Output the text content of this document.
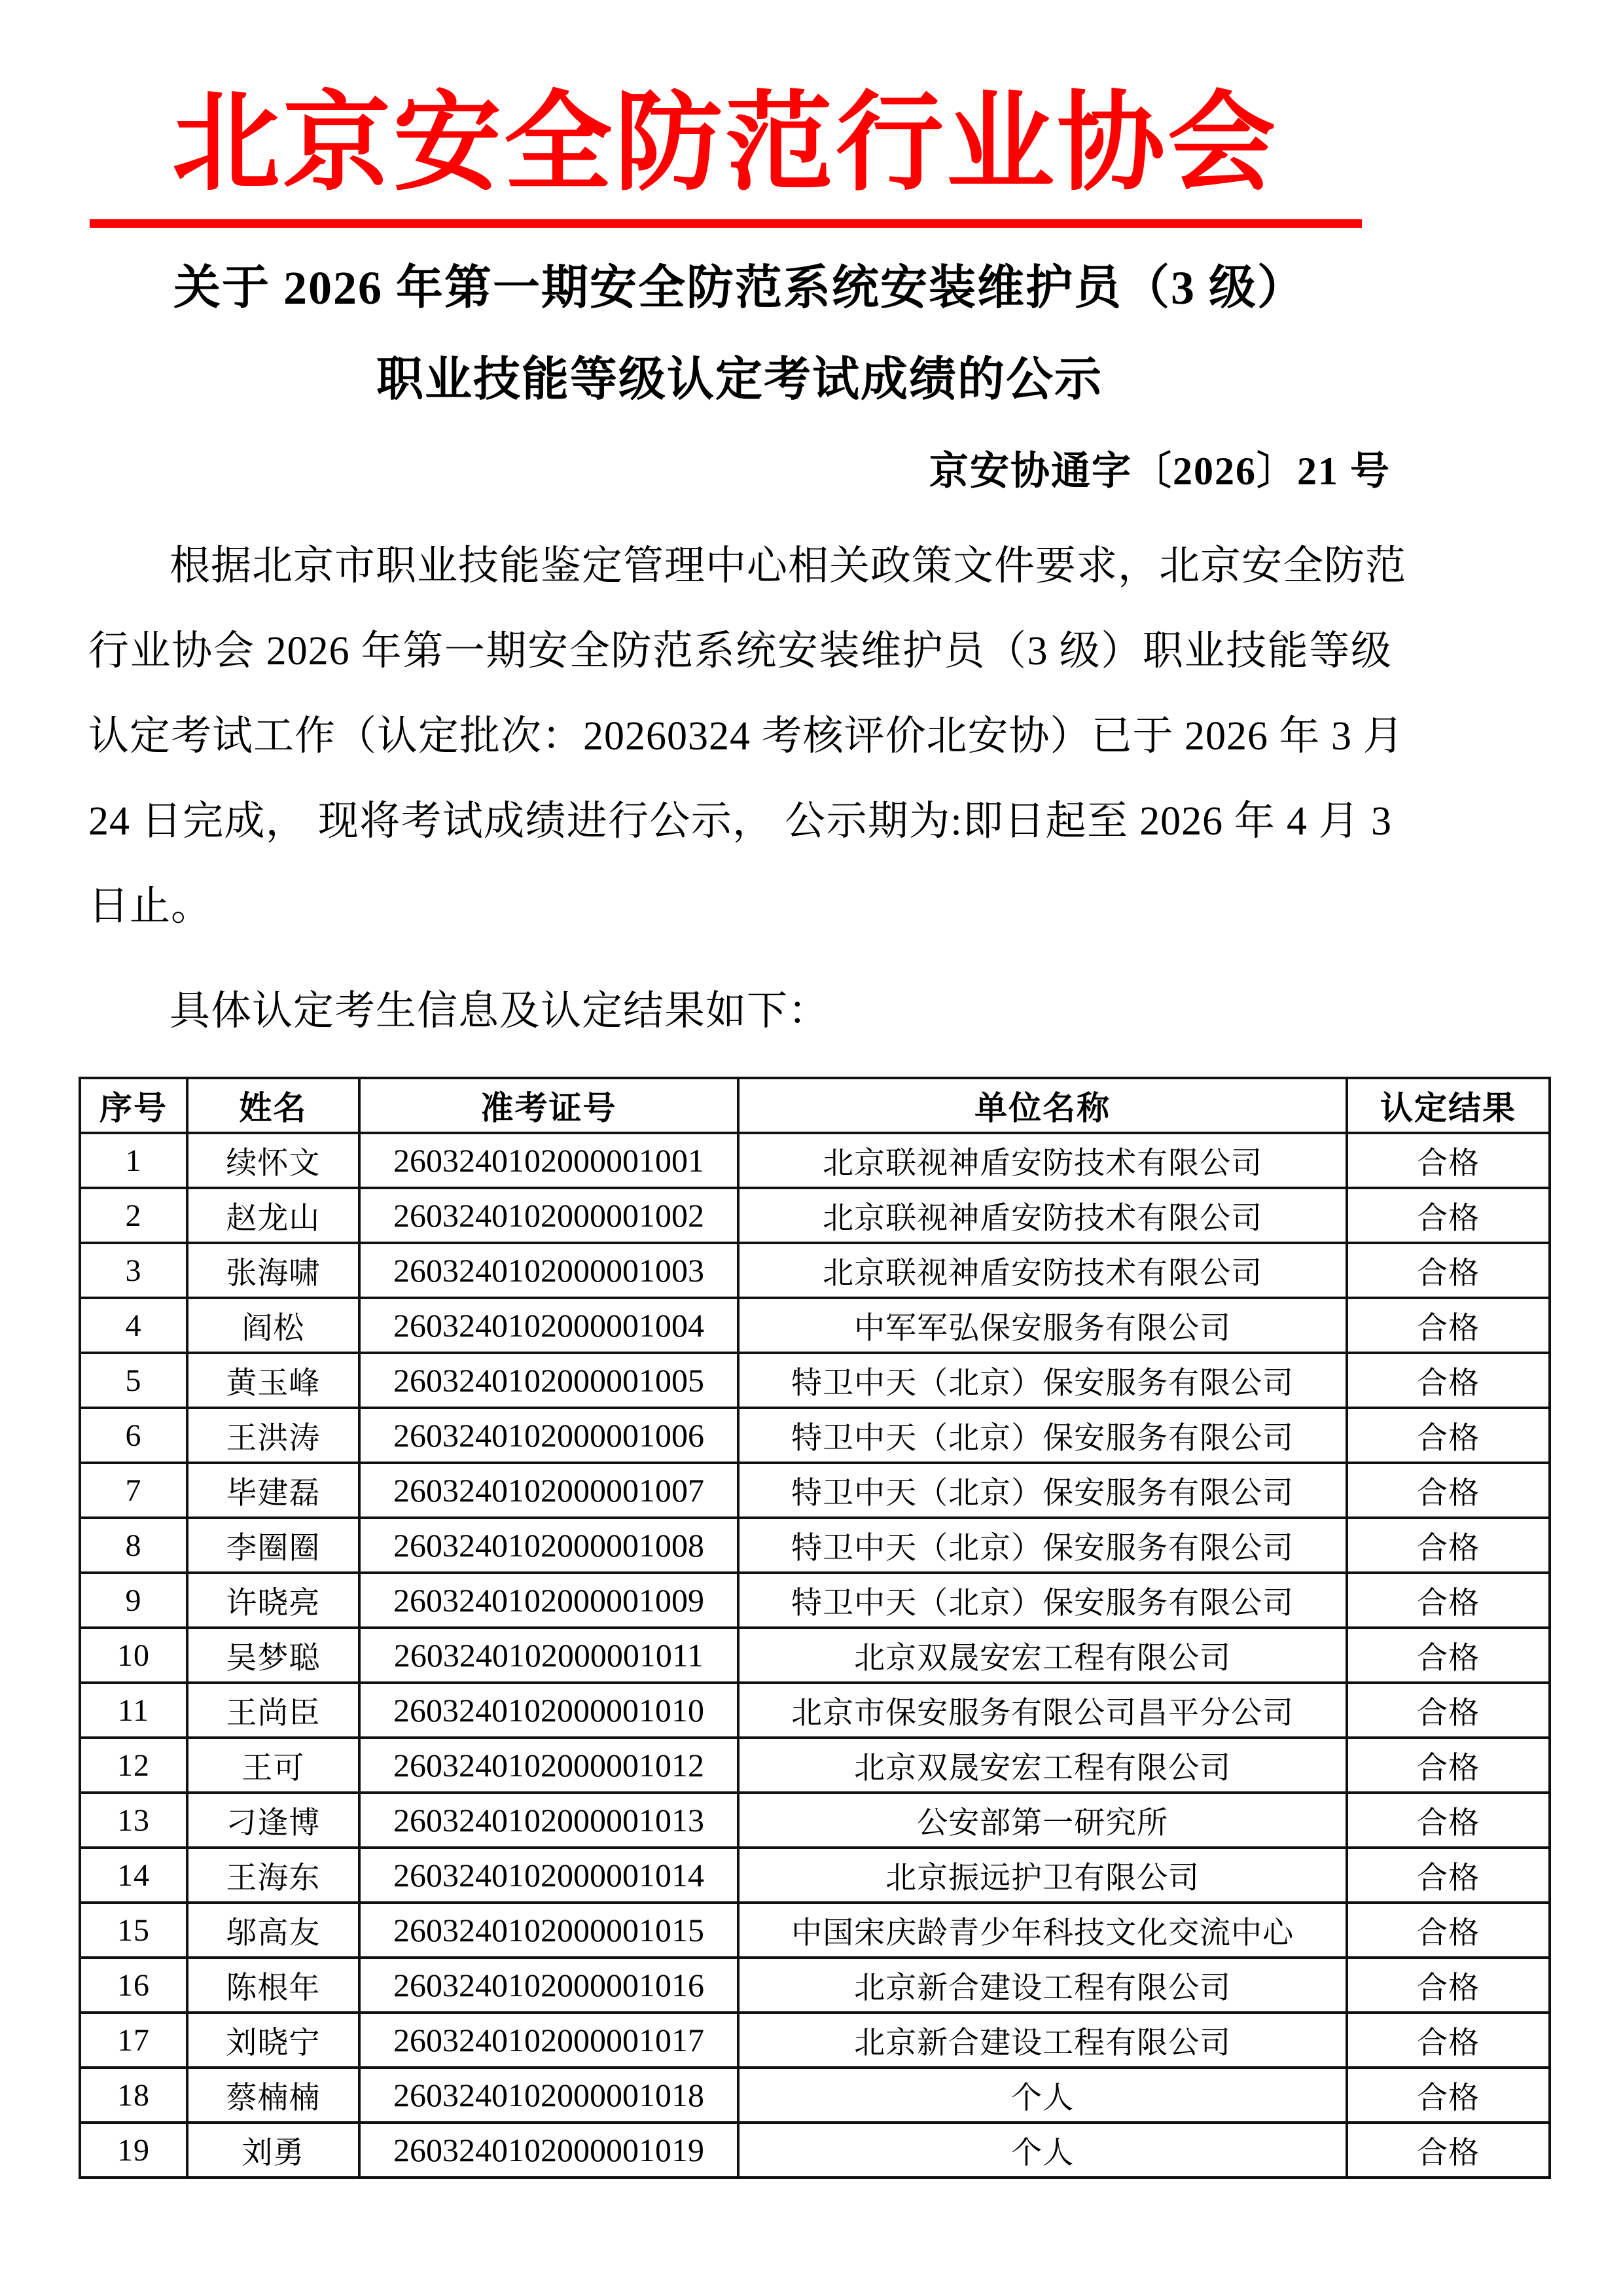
北京安全防范行业协会
关于 2026 年第一期安全防范系统安装维护员（3 级）
职业技能等级认定考试成绩的公示
京安协通字〔2026〕21 号
根据北京市职业技能鉴定管理中心相关政策文件要求，北京安全防范
行业协会 2026 年第一期安全防范系统安装维护员（3 级）职业技能等级
认定考试工作（认定批次：20260324 考核评价北安协）已于 2026 年 3 月
24 日完成， 现将考试成绩进行公示， 公示期为:即日起至 2026 年 4 月 3
日止。
具体认定考生信息及认定结果如下：
序号	姓名	准考证号	单位名称	认定结果
1	续怀文	2603240102000001001	北京联视神盾安防技术有限公司	合格
2	赵龙山	2603240102000001002	北京联视神盾安防技术有限公司	合格
3	张海啸	2603240102000001003	北京联视神盾安防技术有限公司	合格
4	阎松	2603240102000001004	中军军弘保安服务有限公司	合格
5	黄玉峰	2603240102000001005	特卫中天（北京）保安服务有限公司	合格
6	王洪涛	2603240102000001006	特卫中天（北京）保安服务有限公司	合格
7	毕建磊	2603240102000001007	特卫中天（北京）保安服务有限公司	合格
8	李圈圈	2603240102000001008	特卫中天（北京）保安服务有限公司	合格
9	许晓亮	2603240102000001009	特卫中天（北京）保安服务有限公司	合格
10	吴梦聪	2603240102000001011	北京双晟安宏工程有限公司	合格
11	王尚臣	2603240102000001010	北京市保安服务有限公司昌平分公司	合格
12	王可	2603240102000001012	北京双晟安宏工程有限公司	合格
13	刁逢博	2603240102000001013	公安部第一研究所	合格
14	王海东	2603240102000001014	北京振远护卫有限公司	合格
15	邬高友	2603240102000001015	中国宋庆龄青少年科技文化交流中心	合格
16	陈根年	2603240102000001016	北京新合建设工程有限公司	合格
17	刘晓宁	2603240102000001017	北京新合建设工程有限公司	合格
18	蔡楠楠	2603240102000001018	个人	合格
19	刘勇	2603240102000001019	个人	合格
